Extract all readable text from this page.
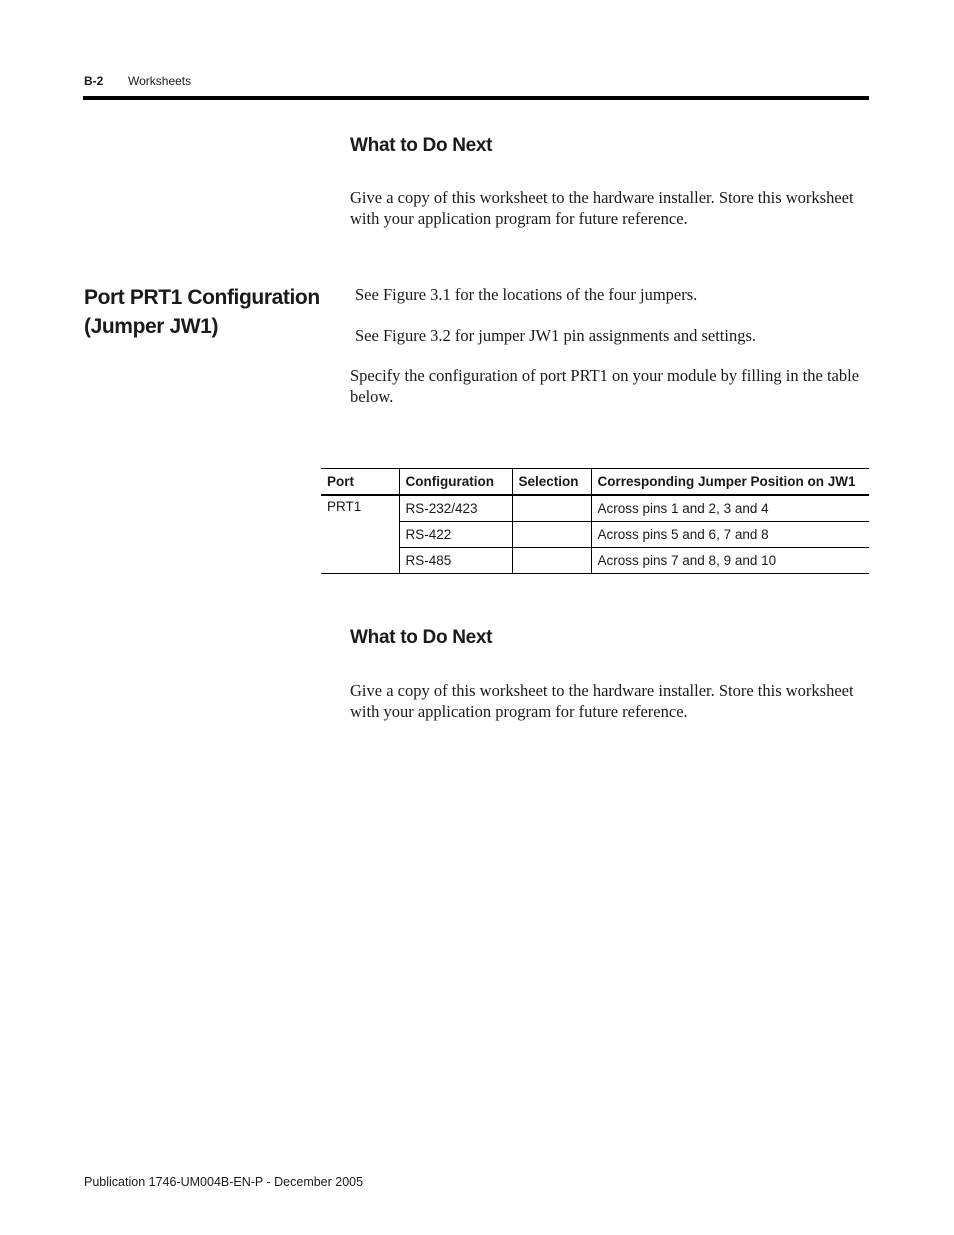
B-2 Worksheets
What to Do Next
Give a copy of this worksheet to the hardware installer. Store this worksheet with your application program for future reference.
Port PRT1 Configuration
(Jumper JW1)
See Figure 3.1 for the locations of the four jumpers.
See Figure 3.2 for jumper JW1 pin assignments and settings.
Specify the configuration of port PRT1 on your module by filling in the table below.
Port	Configuration	Selection	Corresponding Jumper Position on JW1
PRT1	RS-232/423		Across pins 1 and 2, 3 and 4
	RS-422		Across pins 5 and 6, 7 and 8
	RS-485		Across pins 7 and 8, 9 and 10
What to Do Next
Give a copy of this worksheet to the hardware installer. Store this worksheet with your application program for future reference.
Publication 1746-UM004B-EN-P - December 2005
